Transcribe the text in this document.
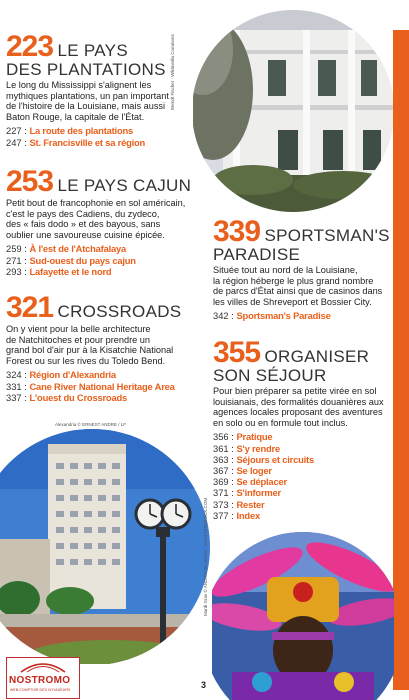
Berndt Fischer - Wikimedia Commons
223 LE PAYS
DES PLANTATIONS
Le long du Mississippi s'alignent les
mythiques plantations, un pan important
de l'histoire de la Louisiane, mais aussi
Baton Rouge, la capitale de l'État.
227 : La route des plantations
247 : St. Francisville et sa région
253 LE PAYS CAJUN
Petit bout de francophonie en sol américain,
c'est le pays des Cadiens, du zydeco,
des « fais dodo » et des bayous, sans
oublier une savoureuse cuisine épicée.
259 : À l'est de l'Atchafalaya
271 : Sud-ouest du pays cajun
293 : Lafayette et le nord
339 SPORTSMAN'S
PARADISE
Située tout au nord de la Louisiane,
la région héberge le plus grand nombre
de parcs d'État ainsi que de casinos dans
les villes de Shreveport et Bossier City.
342 : Sportsman's Paradise
321 CROSSROADS
On y vient pour la belle architecture
de Natchitoches et pour prendre un
grand bol d'air pur à la Kisatchie National
Forest ou sur les rives du Toledo Bend.
324 : Région d'Alexandria
331 : Cane River National Heritage Area
337 : L'ouest du Crossroads
355 ORGANISER
SON SÉJOUR
Pour bien préparer sa petite virée en sol
louisianais, des formalités douanières aux
agences locales proposant des aventures
en solo ou en formule tout inclus.
356 : Pratique
361 : S'y rendre
363 : Séjours et circuits
367 : Se loger
369 : Se déplacer
371 : S'informer
373 : Rester
377 : Index
Alexandria © ERNEST ANDRE / LF
Mardi Gras © ANDRIY BLOKHIN - SHUTTERSTOCK.COM
NOSTROMO
WEB COMPTOIR DES VOYAGEURS	3
